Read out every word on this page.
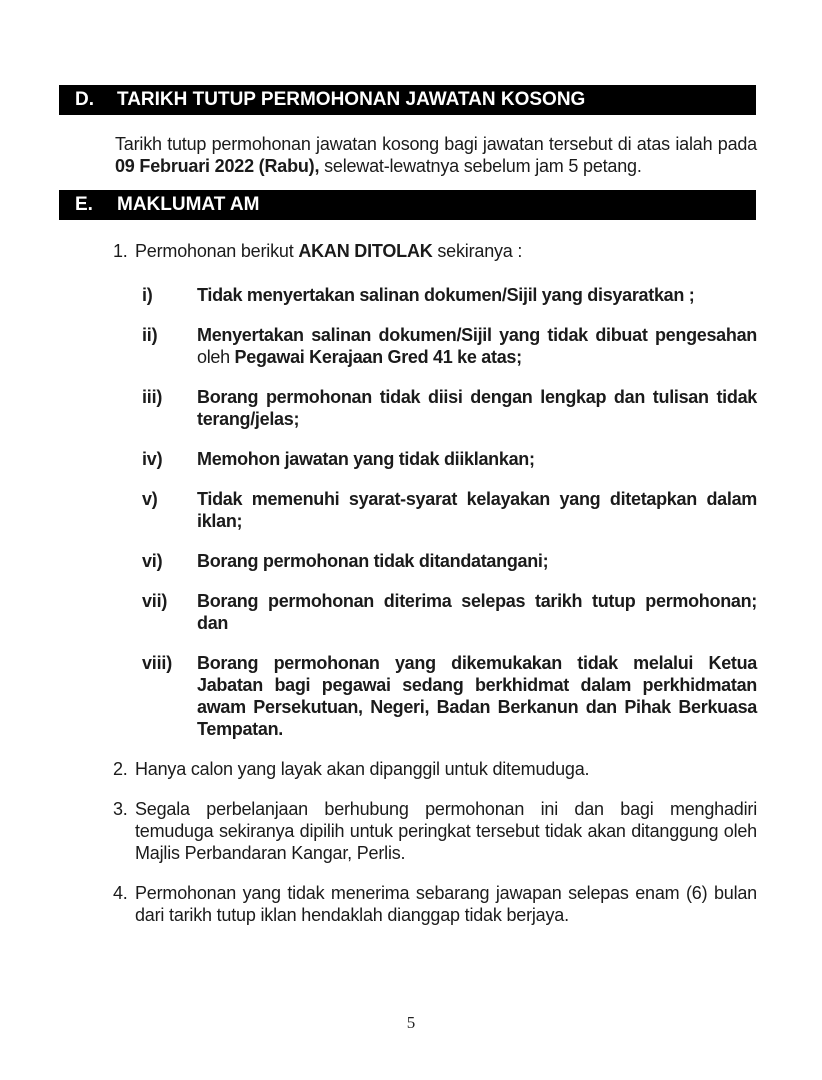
D.	TARIKH TUTUP PERMOHONAN JAWATAN KOSONG

Tarikh tutup permohonan jawatan kosong bagi jawatan tersebut di atas ialah pada 09 Februari 2022 (Rabu), selewat-lewatnya sebelum jam 5 petang.

E.	MAKLUMAT AM
1. Permohonan berikut AKAN DITOLAK sekiranya :
i)	Tidak menyertakan salinan dokumen/Sijil yang disyaratkan ;
ii)	Menyertakan salinan dokumen/Sijil yang tidak dibuat pengesahan oleh Pegawai Kerajaan Gred 41 ke atas;
iii)	Borang permohonan tidak diisi dengan lengkap dan tulisan tidak terang/jelas;
iv)	Memohon jawatan yang tidak diiklankan;
v)	Tidak memenuhi syarat-syarat kelayakan yang ditetapkan dalam iklan;
vi)	Borang permohonan tidak ditandatangani;
vii)	Borang permohonan diterima selepas tarikh tutup permohonan; dan
viii)	Borang permohonan yang dikemukakan tidak melalui Ketua Jabatan bagi pegawai sedang berkhidmat dalam perkhidmatan awam Persekutuan, Negeri, Badan Berkanun dan Pihak Berkuasa Tempatan.
2. Hanya calon yang layak akan dipanggil untuk ditemuduga.
3. Segala perbelanjaan berhubung permohonan ini dan bagi menghadiri temuduga sekiranya dipilih untuk peringkat tersebut tidak akan ditanggung oleh Majlis Perbandaran Kangar, Perlis.
4. Permohonan yang tidak menerima sebarang jawapan selepas enam (6) bulan dari tarikh tutup iklan hendaklah dianggap tidak berjaya.
5
